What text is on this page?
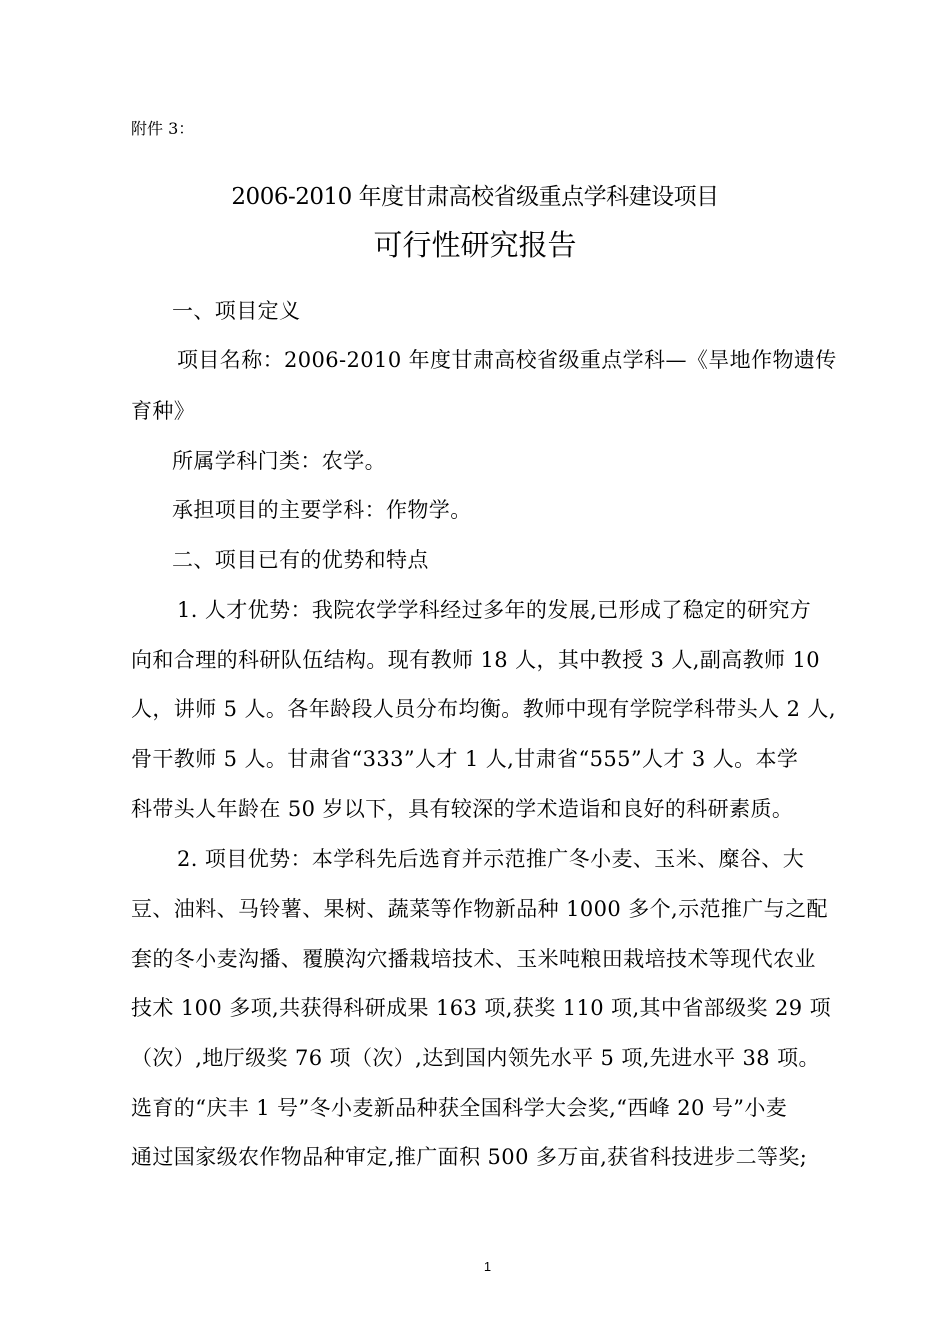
附件 3：
2006-2010 年度甘肃高校省级重点学科建设项目
可行性研究报告
一、项目定义
项目名称：2006-2010 年度甘肃高校省级重点学科—《旱地作物遗传
育种》
所属学科门类：农学。
承担项目的主要学科：作物学。
二、项目已有的优势和特点
1. 人才优势：我院农学学科经过多年的发展,已形成了稳定的研究方
向和合理的科研队伍结构。现有教师 18 人，其中教授 3 人,副高教师 10
人，讲师 5 人。各年龄段人员分布均衡。教师中现有学院学科带头人 2 人,
骨干教师 5 人。甘肃省“333”人才 1 人,甘肃省“555”人才 3 人。本学
科带头人年龄在 50 岁以下，具有较深的学术造诣和良好的科研素质。
2. 项目优势：本学科先后选育并示范推广冬小麦、玉米、糜谷、大
豆、油料、马铃薯、果树、蔬菜等作物新品种 1000 多个,示范推广与之配
套的冬小麦沟播、覆膜沟穴播栽培技术、玉米吨粮田栽培技术等现代农业
技术 100 多项,共获得科研成果 163 项,获奖 110 项,其中省部级奖 29 项
（次）,地厅级奖 76 项（次）,达到国内领先水平 5 项,先进水平 38 项。
选育的“庆丰 1 号”冬小麦新品种获全国科学大会奖,“西峰 20 号”小麦
通过国家级农作物品种审定,推广面积 500 多万亩,获省科技进步二等奖;
1
